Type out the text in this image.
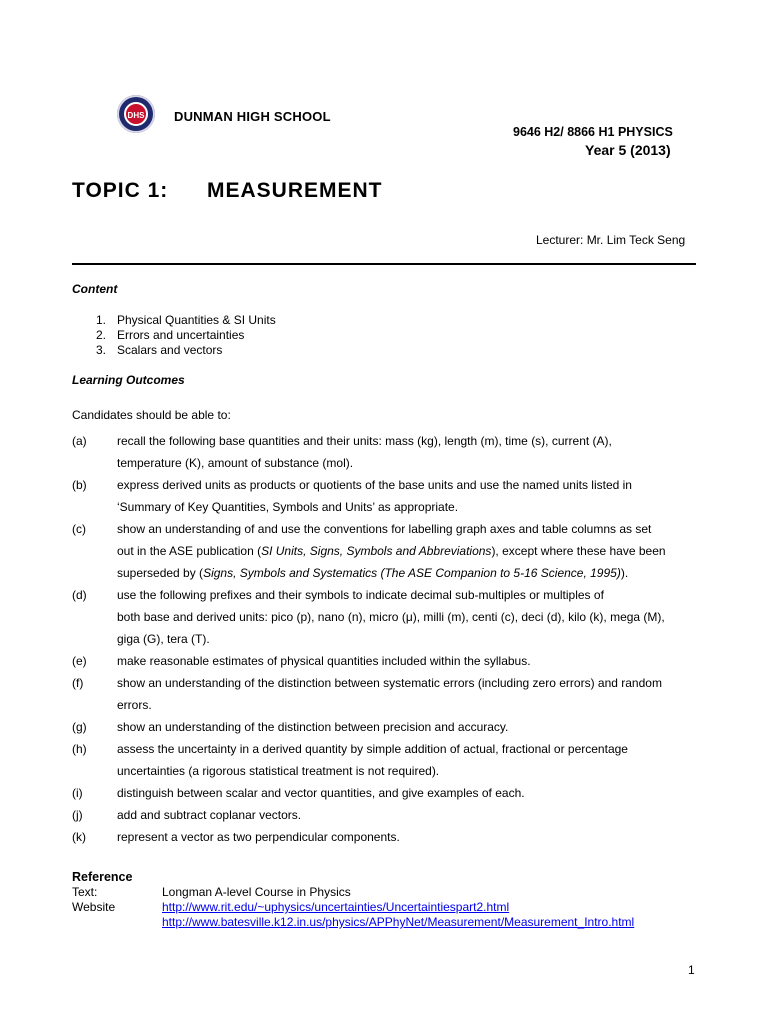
DHS DUNMAN HIGH SCHOOL
9646 H2/ 8866 H1 PHYSICS
Year 5 (2013)
TOPIC 1: MEASUREMENT
Lecturer: Mr. Lim Teck Seng
Content
1. Physical Quantities & SI Units
2. Errors and uncertainties
3. Scalars and vectors
Learning Outcomes
Candidates should be able to:
(a)	recall the following base quantities and their units: mass (kg), length (m), time (s), current (A),
temperature (K), amount of substance (mol).
(b)	express derived units as products or quotients of the base units and use the named units listed in
‘Summary of Key Quantities, Symbols and Units’ as appropriate.
(c)	show an understanding of and use the conventions for labelling graph axes and table columns as set
out in the ASE publication (SI Units, Signs, Symbols and Abbreviations), except where these have been
superseded by (Signs, Symbols and Systematics (The ASE Companion to 5-16 Science, 1995)).
(d)	use the following prefixes and their symbols to indicate decimal sub-multiples or multiples of
both base and derived units: pico (p), nano (n), micro (μ), milli (m), centi (c), deci (d), kilo (k), mega (M),
giga (G), tera (T).
(e)	make reasonable estimates of physical quantities included within the syllabus.
(f)	show an understanding of the distinction between systematic errors (including zero errors) and random
errors.
(g)	show an understanding of the distinction between precision and accuracy.
(h)	assess the uncertainty in a derived quantity by simple addition of actual, fractional or percentage
uncertainties (a rigorous statistical treatment is not required).
(i)	distinguish between scalar and vector quantities, and give examples of each.
(j)	add and subtract coplanar vectors.
(k)	represent a vector as two perpendicular components.
Reference
Text:	Longman A-level Course in Physics
Website	http://www.rit.edu/~uphysics/uncertainties/Uncertaintiespart2.html
http://www.batesville.k12.in.us/physics/APPhyNet/Measurement/Measurement_Intro.html
1
